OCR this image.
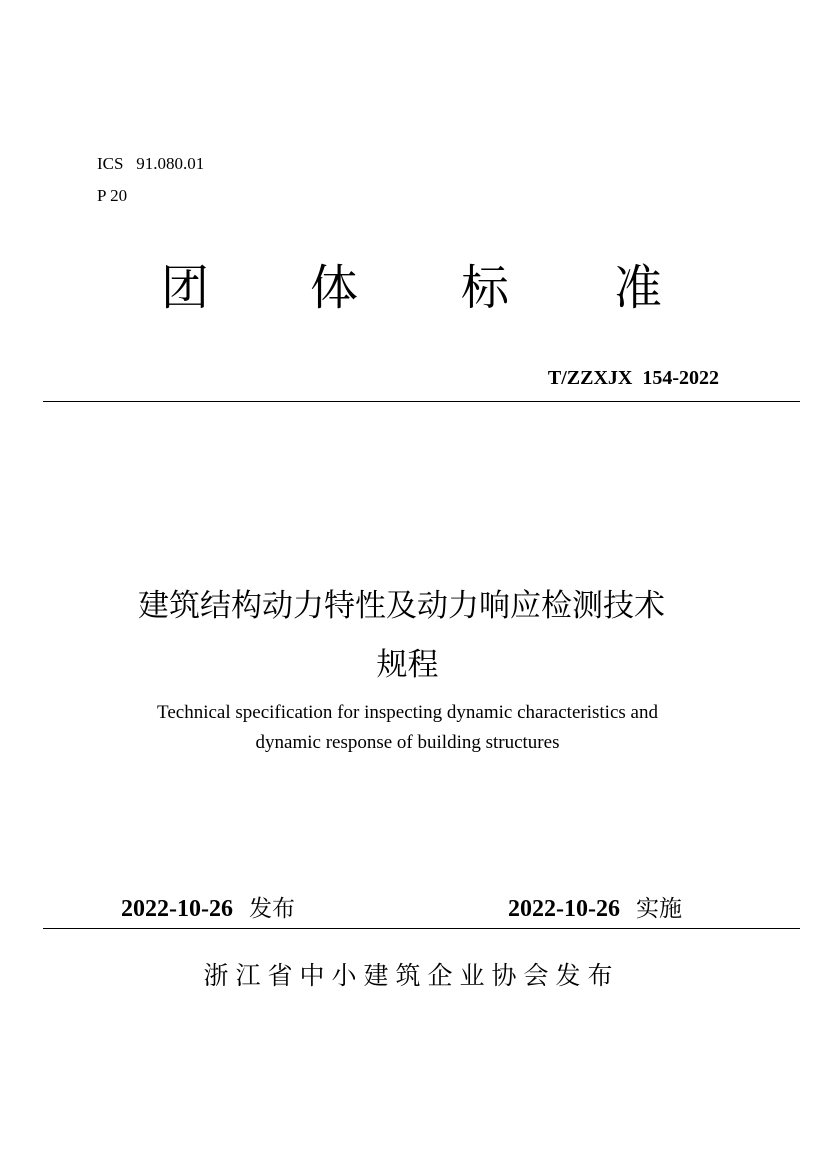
ICS   91.080.01
P 20
团 体 标 准
T/ZZXJX  154-2022
建筑结构动力特性及动力响应检测技术
规程
Technical specification for inspecting dynamic characteristics and
dynamic response of building structures
2022-10-26 发布	2022-10-26 实施
浙江省中小建筑企业协会发布
